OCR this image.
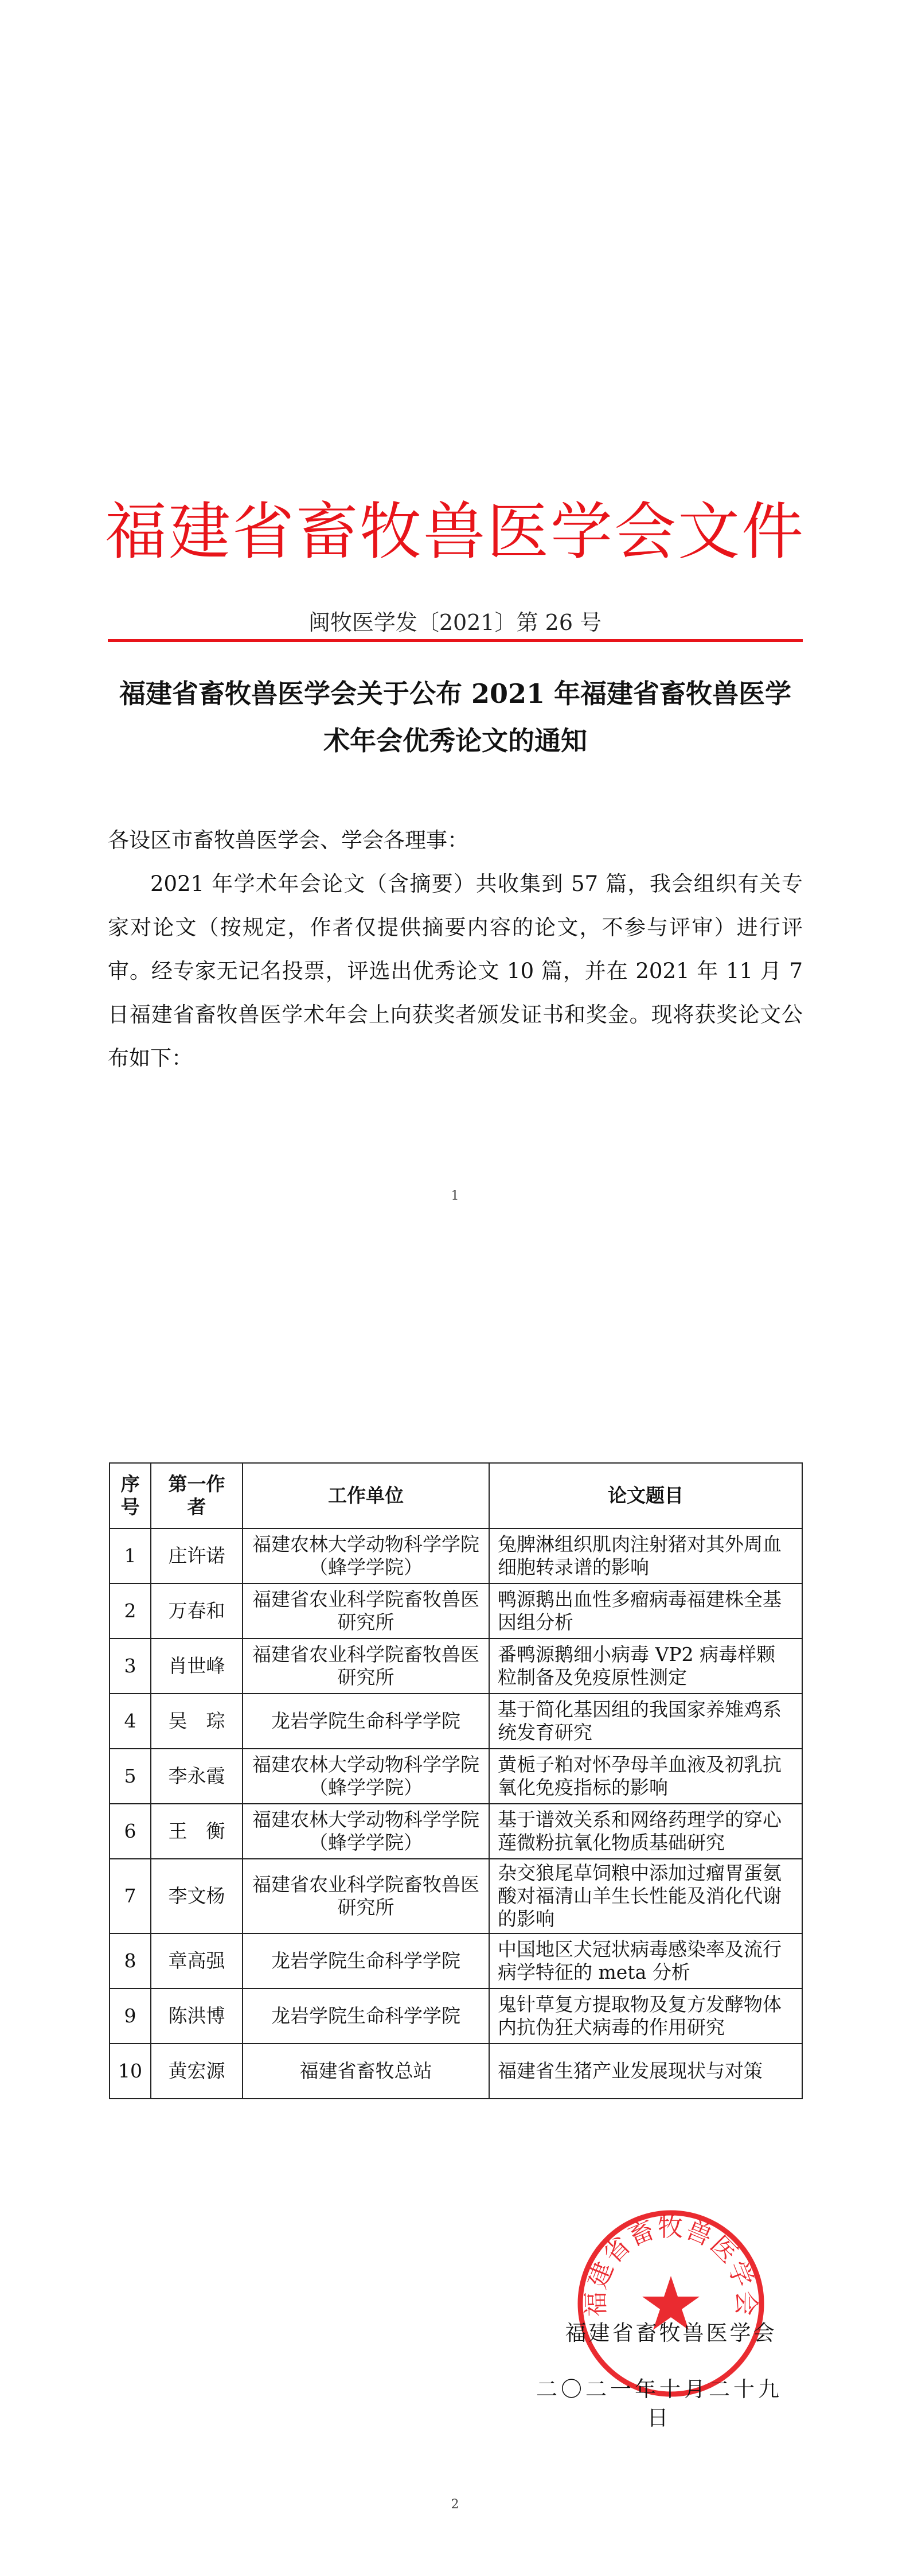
福建省畜牧兽医学会文件
闽牧医学发〔2021〕第 26 号
福建省畜牧兽医学会关于公布 2021 年福建省畜牧兽医学术年会优秀论文的通知
各设区市畜牧兽医学会、学会各理事：
2021 年学术年会论文（含摘要）共收集到 57 篇，我会组织有关专家对论文（按规定，作者仅提供摘要内容的论文，不参与评审）进行评审。经专家无记名投票，评选出优秀论文 10 篇，并在 2021 年 11 月 7 日福建省畜牧兽医学术年会上向获奖者颁发证书和奖金。现将获奖论文公布如下：
1
序号	第一作者	工作单位	论文题目
1	庄许诺	福建农林大学动物科学学院（蜂学学院）	兔脾淋组织肌肉注射猪对其外周血细胞转录谱的影响
2	万春和	福建省农业科学院畜牧兽医研究所	鸭源鹅出血性多瘤病毒福建株全基因组分析
3	肖世峰	福建省农业科学院畜牧兽医研究所	番鸭源鹅细小病毒 VP2 病毒样颗粒制备及免疫原性测定
4	吴　琮	龙岩学院生命科学学院	基于简化基因组的我国家养雉鸡系统发育研究
5	李永霞	福建农林大学动物科学学院（蜂学学院）	黄栀子粕对怀孕母羊血液及初乳抗氧化免疫指标的影响
6	王　衡	福建农林大学动物科学学院（蜂学学院）	基于谱效关系和网络药理学的穿心莲微粉抗氧化物质基础研究
7	李文杨	福建省农业科学院畜牧兽医研究所	杂交狼尾草饲粮中添加过瘤胃蛋氨酸对福清山羊生长性能及消化代谢的影响
8	章高强	龙岩学院生命科学学院	中国地区犬冠状病毒感染率及流行病学特征的 meta 分析
9	陈洪博	龙岩学院生命科学学院	鬼针草复方提取物及复方发酵物体内抗伪狂犬病毒的作用研究
10	黄宏源	福建省畜牧总站	福建省生猪产业发展现状与对策
福建省畜牧兽医学会
福建省畜牧兽医学会
二〇二一年十月二十九日
2
